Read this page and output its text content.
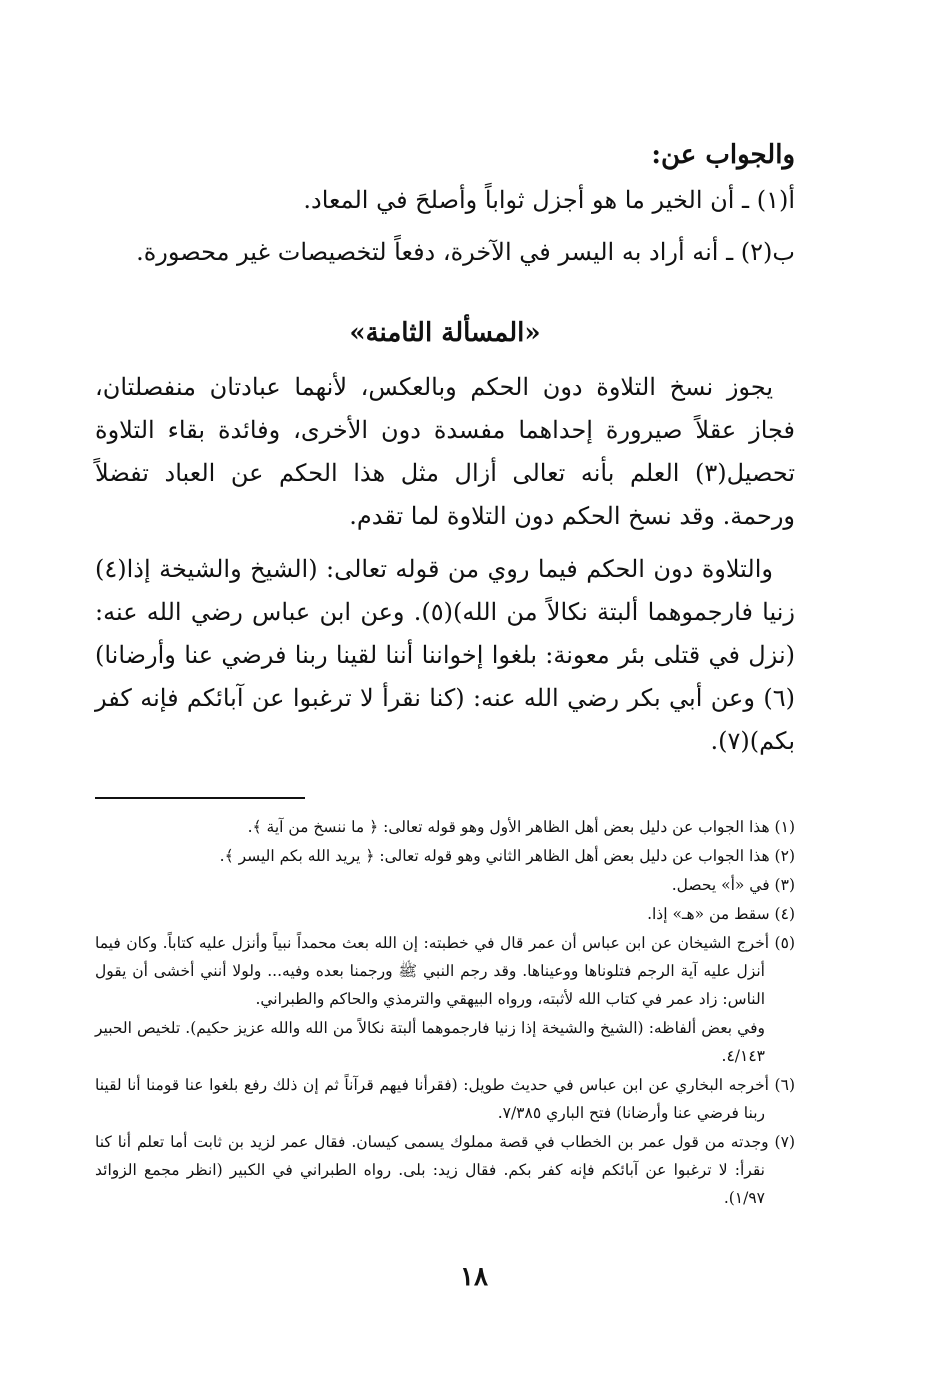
والجواب عن:
أ(١) ـ أن الخير ما هو أجزل ثواباً وأصلحَ في المعاد.
ب(٢) ـ أنه أراد به اليسر في الآخرة، دفعاً لتخصيصات غير محصورة.
«المسألة الثامنة»

يجوز نسخ التلاوة دون الحكم وبالعكس، لأنهما عبادتان منفصلتان، فجاز عقلاً صيرورة إحداهما مفسدة دون الأخرى، وفائدة بقاء التلاوة تحصيل(٣) العلم بأنه تعالى أزال مثل هذا الحكم عن العباد تفضلاً ورحمة. وقد نسخ الحكم دون التلاوة لما تقدم.

والتلاوة دون الحكم فيما روي من قوله تعالى: (الشيخ والشيخة إذا(٤) زنيا فارجموهما ألبتة نكالاً من الله)(٥). وعن ابن عباس رضي الله عنه: (نزل في قتلى بئر معونة: بلغوا إخواننا أننا لقينا ربنا فرضي عنا وأرضانا)(٦) وعن أبي بكر رضي الله عنه: (كنا نقرأ لا ترغبوا عن آبائكم فإنه كفر بكم)(٧).

(١) هذا الجواب عن دليل بعض أهل الظاهر الأول وهو قوله تعالى: ﴿ ما ننسخ من آية ﴾.
(٢) هذا الجواب عن دليل بعض أهل الظاهر الثاني وهو قوله تعالى: ﴿ يريد الله بكم اليسر ﴾.
(٣) في «أ» يحصل.
(٤) سقط من «هـ» إذا.
(٥) أخرج الشيخان عن ابن عباس أن عمر قال في خطبته: إن الله بعث محمداً نبياً وأنزل عليه كتاباً. وكان فيما أنزل عليه آية الرجم فتلوناها ووعيناها. وقد رجم النبي ﷺ ورجمنا بعده وفيه... ولولا أنني أخشى أن يقول الناس: زاد عمر في كتاب الله لأثبته، ورواه البيهقي والترمذي والحاكم والطبراني.
وفي بعض ألفاظه: (الشيخ والشيخة إذا زنيا فارجموهما ألبتة نكالاً من الله والله عزيز حكيم). تلخيص الحبير ٤/١٤٣.
(٦) أخرجه البخاري عن ابن عباس في حديث طويل: (فقرأنا فيهم قرآناً ثم إن ذلك رفع بلغوا عنا قومنا أنا لقينا ربنا فرضي عنا وأرضانا) فتح الباري ٧/٣٨٥.
(٧) وجدته من قول عمر بن الخطاب في قصة مملوك يسمى كيسان. فقال عمر لزيد بن ثابت أما تعلم أنا كنا نقرأ: لا ترغبوا عن آبائكم فإنه كفر بكم. فقال زيد: بلى. رواه الطبراني في الكبير (انظر مجمع الزوائد ١/٩٧).
١٨
